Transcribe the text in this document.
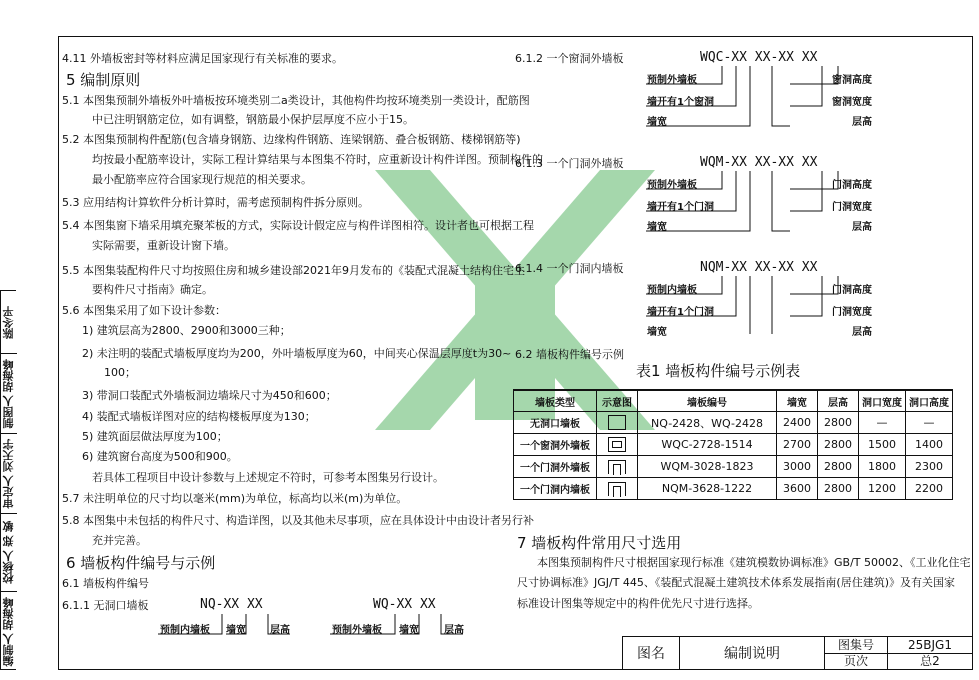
4.11 外墙板密封等材料应满足国家现行有关标准的要求。
5 编制原则
5.1 本图集预制外墙板外叶墙板按环境类别二a类设计，其他构件均按环境类别一类设计，配筋图
中已注明钢筋定位，如有调整，钢筋最小保护层厚度不应小于15。
5.2 本图集预制构件配筋(包含墙身钢筋、边缘构件钢筋、连梁钢筋、叠合板钢筋、楼梯钢筋等)
均按最小配筋率设计，实际工程计算结果与本图集不符时，应重新设计构件详图。预制构件的
最小配筋率应符合国家现行规范的相关要求。
5.3 应用结构计算软件分析计算时，需考虑预制构件拆分原则。
5.4 本图集窗下墙采用填充聚苯板的方式，实际设计假定应与构件详图相符。设计者也可根据工程
实际需要，重新设计窗下墙。
5.5 本图集装配构件尺寸均按照住房和城乡建设部2021年9月发布的《装配式混凝土结构住宅主
要构件尺寸指南》确定。
5.6 本图集采用了如下设计参数：
1) 建筑层高为2800、2900和3000三种；
2) 未注明的装配式墙板厚度均为200，外叶墙板厚度为60，中间夹心保温层厚度t为30~
100；
3) 带洞口装配式外墙板洞边墙垛尺寸为450和600；
4) 装配式墙板详图对应的结构楼板厚度为130；
5) 建筑面层做法厚度为100；
6) 建筑窗台高度为500和900。
若具体工程项目中设计参数与上述规定不符时，可参考本图集另行设计。
5.7 未注明单位的尺寸均以毫米(mm)为单位，标高均以米(m)为单位。
5.8 本图集中未包括的构件尺寸、构造详图，以及其他未尽事项，应在具体设计中由设计者另行补
充并完善。
6 墙板构件编号与示例
6.1 墙板构件编号
6.1.1 无洞口墙板	NQ-XX XX	WQ-XX XX
预制内墙板 墙宽 层高	预制外墙板 墙宽	层高
6.1.2 一个窗洞外墙板	WQC-XX XX-XX XX
6.1.3 一个门洞外墙板	WQM-XX XX-XX XX
6.1.4 一个门洞内墙板	NQM-XX XX-XX XX
预制外墙板
墙开有1个窗洞
墙宽
窗洞高度
窗洞宽度
层高
预制外墙板
墙开有1个门洞
墙宽
门洞高度
门洞宽度
层高
预制内墙板
墙开有1个门洞
墙宽
门洞高度
门洞宽度
层高
6.2 墙板构件编号示例
表1 墙板构件编号示例表
墙板类型	示意图	墙板编号	墙宽	层高	洞口宽度	洞口高度
无洞口墙板		NQ-2428、WQ-2428	2400	2800	—	—
一个窗洞外墙板		WQC-2728-1514	2700	2800	1500	1400
一个门洞外墙板		WQM-3028-1823	3000	2800	1800	2300
一个门洞内墙板		NQM-3628-1222	3600	2800	1200	2200
7 墙板构件常用尺寸选用
本图集预制构件尺寸根据国家现行标准《建筑模数协调标准》GB/T 50002、《工业化住宅
尺寸协调标准》JGJ/T 445、《装配式混凝土建筑技术体系发展指南(居住建筑)》及有关国家
标准设计图集等规定中的构件优先尺寸进行选择。
图名	编制说明
图集号	25BJG1
页次	总2
陈冬平
制图人 胡海峰
审定人 刘天宇
校核人 郑 敏
编制人 胡海峰
